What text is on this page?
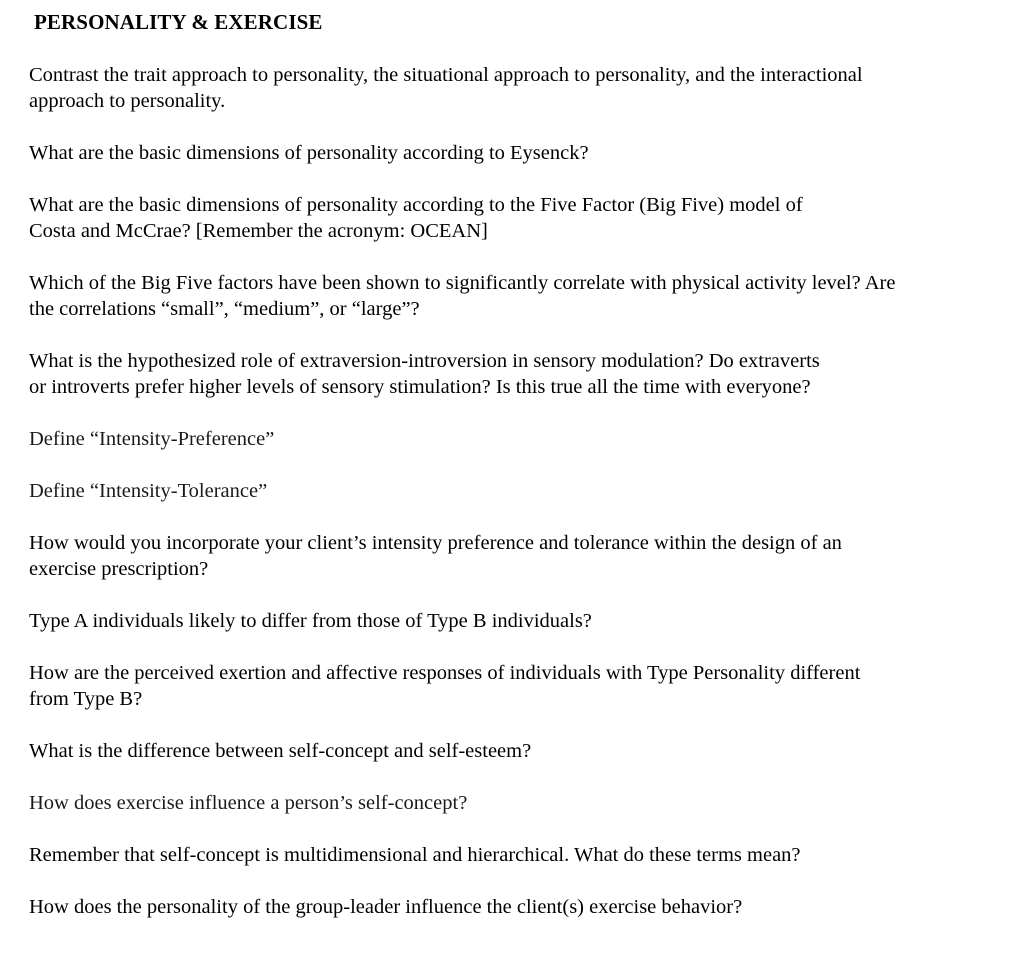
PERSONALITY & EXERCISE
Contrast the trait approach to personality, the situational approach to personality, and the interactional
approach to personality.
What are the basic dimensions of personality according to Eysenck?
What are the basic dimensions of personality according to the Five Factor (Big Five) model of
Costa and McCrae? [Remember the acronym: OCEAN]
Which of the Big Five factors have been shown to significantly correlate with physical activity level? Are
the correlations “small”, “medium”, or “large”?
What is the hypothesized role of extraversion-introversion in sensory modulation? Do extraverts
or introverts prefer higher levels of sensory stimulation? Is this true all the time with everyone?
Define “Intensity-Preference”
Define “Intensity-Tolerance”
How would you incorporate your client’s intensity preference and tolerance within the design of an
exercise prescription?
Type A individuals likely to differ from those of Type B individuals?
How are the perceived exertion and affective responses of individuals with Type Personality different
from Type B?
What is the difference between self-concept and self-esteem?
How does exercise influence a person’s self-concept?
Remember that self-concept is multidimensional and hierarchical. What do these terms mean?
How does the personality of the group-leader influence the client(s) exercise behavior?
